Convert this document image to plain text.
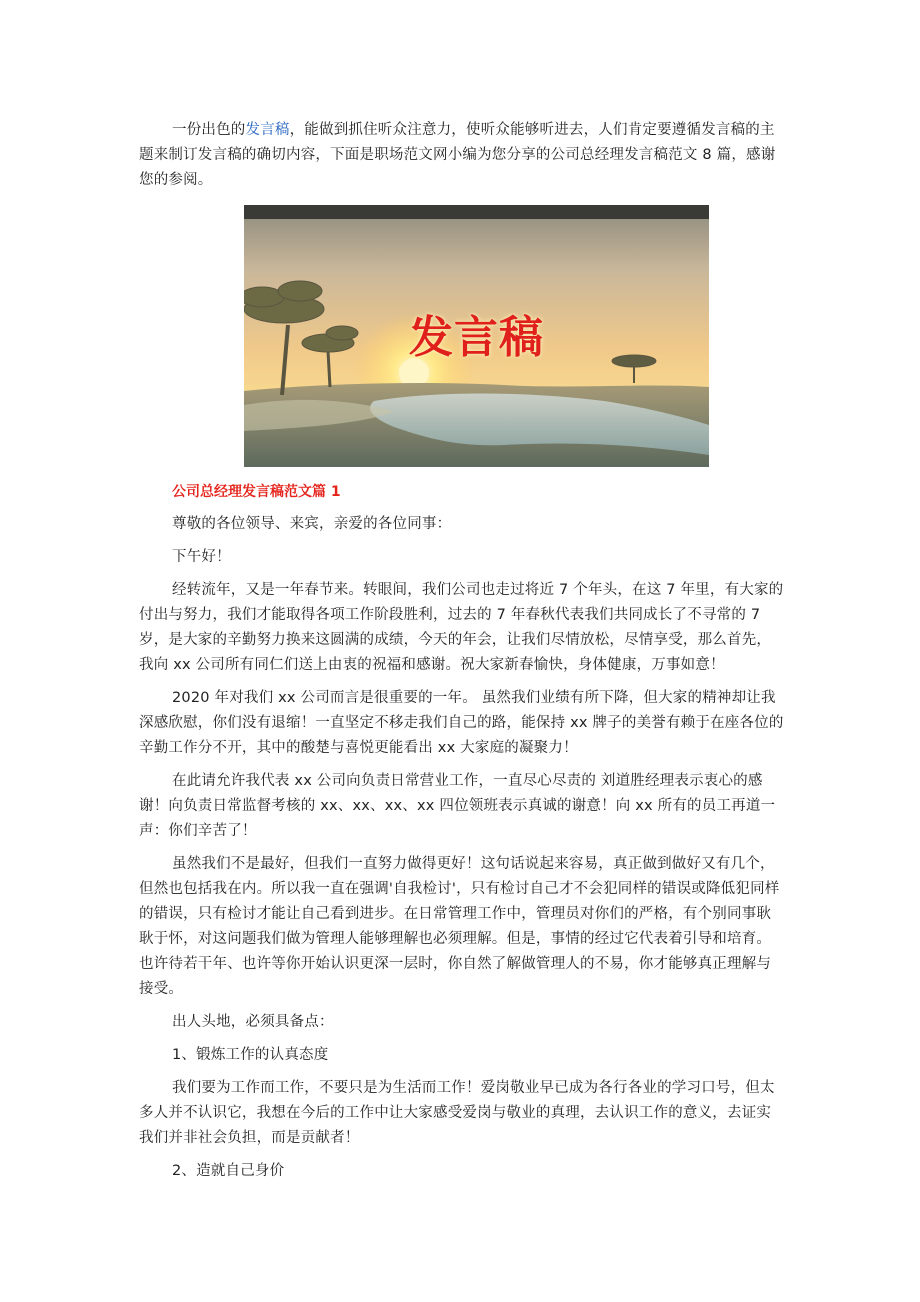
一份出色的发言稿，能做到抓住听众注意力，使听众能够听进去，人们肯定要遵循发言稿的主题来制订发言稿的确切内容，下面是职场范文网小编为您分享的公司总经理发言稿范文 8 篇，感谢您的参阅。

发言稿
公司总经理发言稿范文篇 1

尊敬的各位领导、来宾，亲爱的各位同事：

下午好！

经转流年，又是一年春节来。转眼间，我们公司也走过将近 7 个年头，在这 7 年里，有大家的付出与努力，我们才能取得各项工作阶段胜利，过去的 7 年春秋代表我们共同成长了不寻常的 7 岁，是大家的辛勤努力换来这圆满的成绩，今天的年会，让我们尽情放松，尽情享受，那么首先，我向 xx 公司所有同仁们送上由衷的祝福和感谢。祝大家新春愉快，身体健康，万事如意！

2020 年对我们 xx 公司而言是很重要的一年。 虽然我们业绩有所下降，但大家的精神却让我深感欣慰，你们没有退缩！一直坚定不移走我们自己的路，能保持 xx 牌子的美誉有赖于在座各位的辛勤工作分不开，其中的酸楚与喜悦更能看出 xx 大家庭的凝聚力！

在此请允许我代表 xx 公司向负责日常营业工作，一直尽心尽责的 刘道胜经理表示衷心的感谢！向负责日常监督考核的 xx、xx、xx、xx 四位领班表示真诚的谢意！向 xx 所有的员工再道一声：你们辛苦了！

虽然我们不是最好，但我们一直努力做得更好！这句话说起来容易，真正做到做好又有几个，但然也包括我在内。所以我一直在强调'自我检讨'，只有检讨自己才不会犯同样的错误或降低犯同样的错误，只有检讨才能让自己看到进步。在日常管理工作中，管理员对你们的严格，有个别同事耿耿于怀，对这问题我们做为管理人能够理解也必须理解。但是，事情的经过它代表着引导和培育。也许待若干年、也许等你开始认识更深一层时，你自然了解做管理人的不易，你才能够真正理解与接受。

出人头地，必须具备点：

1、锻炼工作的认真态度

我们要为工作而工作，不要只是为生活而工作！爱岗敬业早已成为各行各业的学习口号，但太多人并不认识它，我想在今后的工作中让大家感受爱岗与敬业的真理，去认识工作的意义，去证实我们并非社会负担，而是贡献者！

2、造就自己身价
